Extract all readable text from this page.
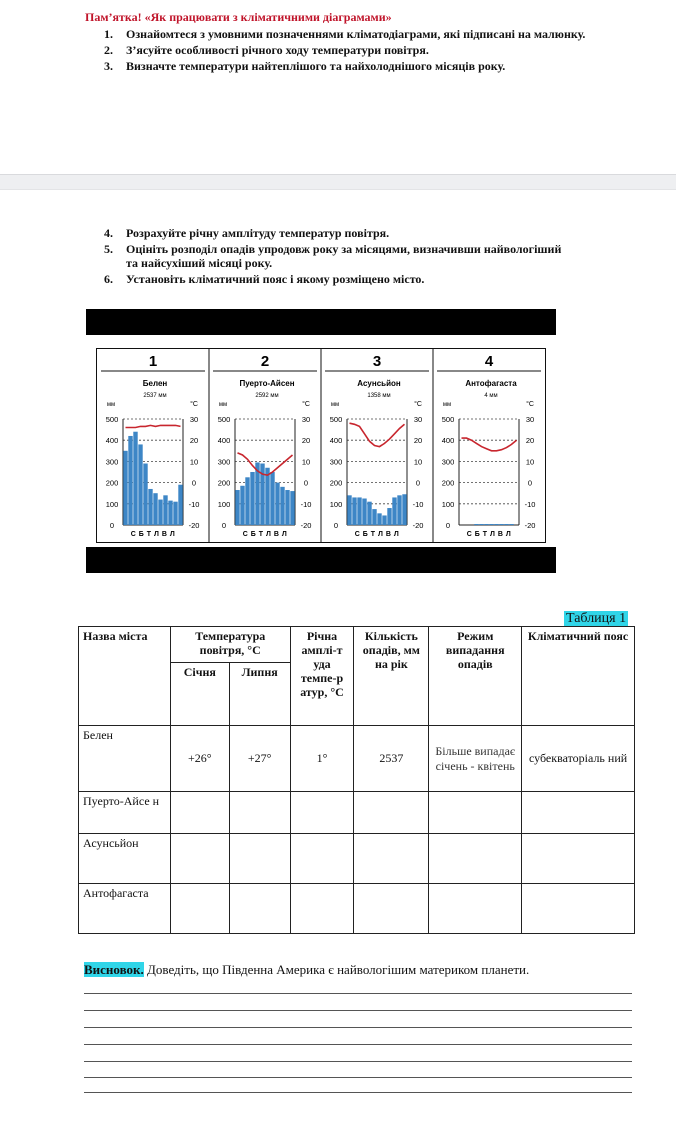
Пам’ятка! «Як працювати з кліматичними діаграмами»
1. Ознайомтеся з умовними позначеннями кліматодіаграми, які підписані на малюнку.
2. З’ясуйте особливості річного ходу температури повітря.
3. Визначте температури найтеплішого та найхолоднішого місяців року.
4. Розрахуйте річну амплітуду температур повітря.
5. Оцініть розподіл опадів упродовж року за місяцями, визначивши найвологіший та найсухіший місяці року.
6. Установіть кліматичний пояс і якому розміщено місто.
1
Белен
2537 мм
мм	°C
500	30
400	20
300	10
200	0
100	-10
0	-20
С Б Т Л В Л
2
Пуерто-Айсен
2592 мм
мм	°C
500	30
400	20
300	10
200	0
100	-10
0	-20
С Б Т Л В Л
3
Асунсьйон
1358 мм
мм	°C
500	30
400	20
300	10
200	0
100	-10
0	-20
С Б Т Л В Л
4
Антофагаста
4 мм
мм	°C
500	30
400	20
300	10
200	0
100	-10
0	-20
С Б Т Л В Л
Таблиця 1
Назва міста	Температура повітря, °С		Річна амплі-т уда темпе-р атур, °С	Кількість опадів, мм на рік	Режим випадання опадів	Кліматичний пояс
	Січня	Липня				
Белен	+26°	+27°	1°	2537	Більше випадає січень - квітень	субекваторіаль ний
Пуерто-Айсе н						
Асунсьйон						
Антофагаста						
Висновок. Доведіть, що Південна Америка є найвологішим материком планети.
